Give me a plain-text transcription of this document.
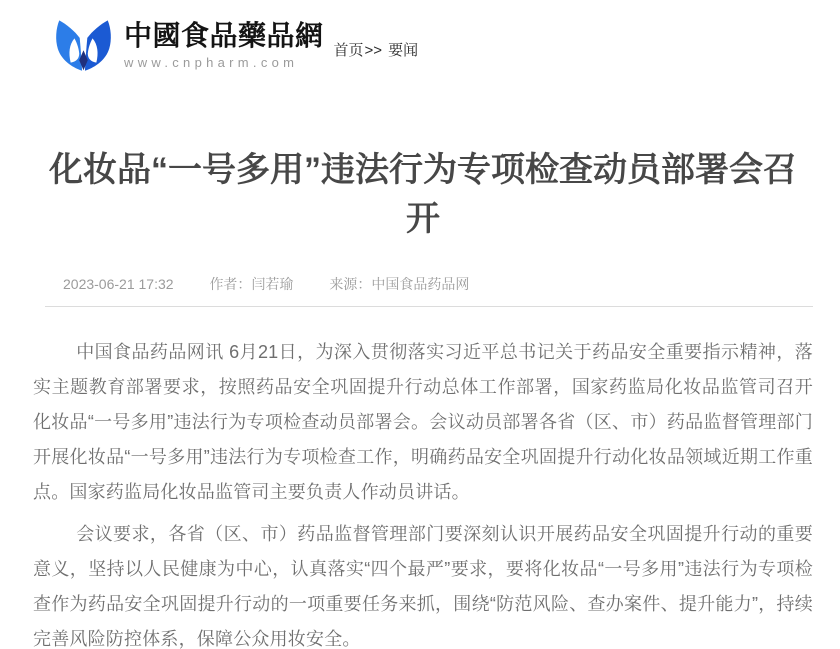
中國食品藥品網
www.cnpharm.com
首页>> 要闻
化妆品“一号多用”违法行为专项检查动员部署会召开
2023-06-21 17:32	作者：闫若瑜	来源：中国食品药品网

中国食品药品网讯 6月21日，为深入贯彻落实习近平总书记关于药品安全重要指示精神，落实主题教育部署要求，按照药品安全巩固提升行动总体工作部署，国家药监局化妆品监管司召开化妆品“一号多用”违法行为专项检查动员部署会。会议动员部署各省（区、市）药品监督管理部门开展化妆品“一号多用”违法行为专项检查工作，明确药品安全巩固提升行动化妆品领域近期工作重点。国家药监局化妆品监管司主要负责人作动员讲话。

会议要求，各省（区、市）药品监督管理部门要深刻认识开展药品安全巩固提升行动的重要意义，坚持以人民健康为中心，认真落实“四个最严”要求，要将化妆品“一号多用”违法行为专项检查作为药品安全巩固提升行动的一项重要任务来抓，围绕“防范风险、查办案件、提升能力”，持续完善风险防控体系，保障公众用妆安全。
